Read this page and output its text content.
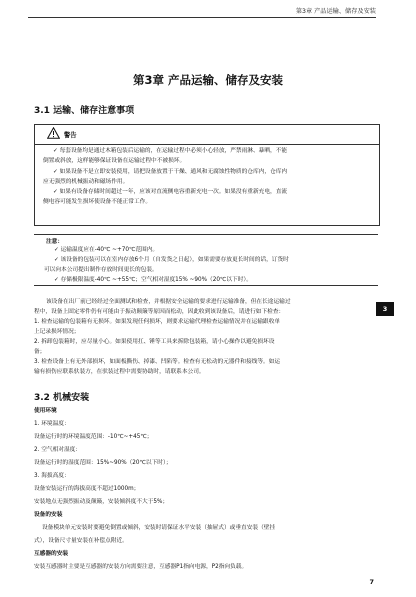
第3章 产品运输、储存及安装
第3章 产品运输、储存及安装
3.1 运输、储存注意事项
警告
✓ 每套设备均是通过木箱包装后运输的，在运输过程中必须小心轻放，严禁雨淋、暴晒，不能
倒置或斜放，这样能够保证设备在运输过程中不被损坏。
✓ 如果设备不是立即安装使用，请把设备放置于干燥、通风和无腐蚀性物质的仓库内，仓库内
应无强烈的机械振动和磁场作用。
✓ 如果有设备存储时间超过一年，应该对直流侧电容重新充电一次。如果没有重新充电，直流
侧电容可能发生损坏使设备不能正常工作。
注意：
✓ 运输温度应在-40℃ ~+70℃范围内。
✓ 该设备的包装可以在室内存放6个月（自发货之日起），如果需要存放更长时间的话，订货时
可以向本公司提出制作存放时间更长的包装。
✓ 存储极限温度-40℃ ~+55℃；空气相对湿度15% ~90%（20℃以下时）。
该设备在出厂前已经经过全面测试和检查，并根据安全运输的要求进行运输准备，但在长途运输过
程中，设备上固定零件仍有可能由于振动颠簸等原因而松动，因此收到该设备后，请进行如下检查：
1. 检查运输的包装箱有无损坏。如果发现任何损坏，则要求运输代理检查运输情况并在运输跟收单
上记录损坏情况；
2. 拆卸包装箱时，应尽量小心。如果使用扛、锤等工具来拆除包装箱，请小心操作以避免损坏设
备；
3. 检查设备上有无外部损坏，如面板撕伤、掉漆、凹陷等。检查有无松动的元器件和接线等。如运
输有损伤应联系驮装方，在驮装过程中需要协助时，请联系本公司。
3
3.2 机械安装
使用环境
1. 环境温度：
设备运行时的环境温度范围：-10℃~+45℃；
2. 空气相对湿度：
设备运行时的湿度范围：15%~90%（20℃以下时）；
3. 海拔高度：
设备安装运行的海拔高度不超过1000m；
安装地点无强烈振动及颠簸，安装倾斜度不大于5%；
设备的安装
设备模块单元安装时要避免倒置或倾斜，安装时请保证水平安装（抽屉式）或垂直安装（壁挂
式），设备尺寸量安装在补偿点附近。
互感器的安装
安装互感器时主要是互感器的安装方向需要注意，互感器P1指向电源，P2指向负载。
7
